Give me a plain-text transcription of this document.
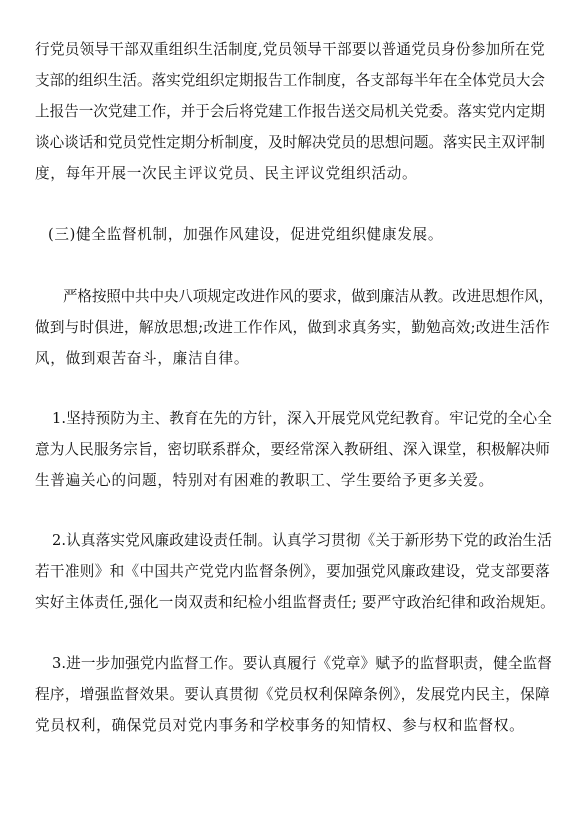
行党员领导干部双重组织生活制度,党员领导干部要以普通党员身份参加所在党
支部的组织生活。落实党组织定期报告工作制度，各支部每半年在全体党员大会
上报告一次党建工作，并于会后将党建工作报告送交局机关党委。落实党内定期
谈心谈话和党员党性定期分析制度，及时解决党员的思想问题。落实民主双评制
度，每年开展一次民主评议党员、民主评议党组织活动。
(三)健全监督机制，加强作风建设，促进党组织健康发展。
严格按照中共中央八项规定改进作风的要求，做到廉洁从教。改进思想作风，
做到与时俱进，解放思想;改进工作作风，做到求真务实，勤勉高效;改进生活作
风，做到艰苦奋斗，廉洁自律。
1.坚持预防为主、教育在先的方针，深入开展党风党纪教育。牢记党的全心全
意为人民服务宗旨，密切联系群众，要经常深入教研组、深入课堂，积极解决师
生普遍关心的问题，特别对有困难的教职工、学生要给予更多关爱。
2.认真落实党风廉政建设责任制。认真学习贯彻《关于新形势下党的政治生活
若干准则》和《中国共产党党内监督条例》，要加强党风廉政建设，党支部要落
实好主体责任,强化一岗双责和纪检小组监督责任; 要严守政治纪律和政治规矩。
3.进一步加强党内监督工作。要认真履行《党章》赋予的监督职责，健全监督
程序，增强监督效果。要认真贯彻《党员权利保障条例》，发展党内民主，保障
党员权利，确保党员对党内事务和学校事务的知情权、参与权和监督权。
